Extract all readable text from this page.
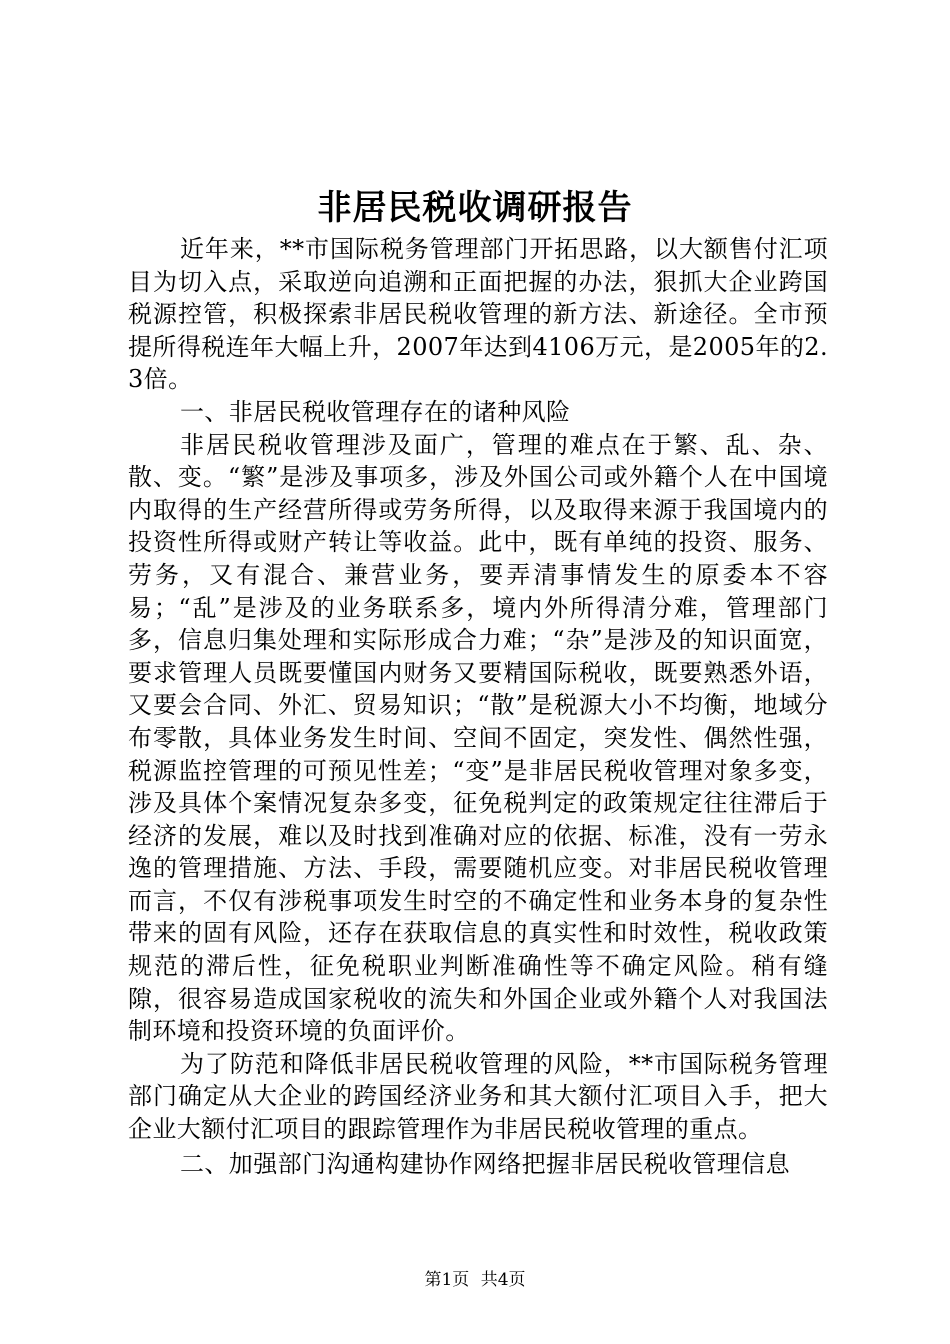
非居民税收调研报告

近年来，**市国际税务管理部门开拓思路，以大额售付汇项目为切入点，采取逆向追溯和正面把握的办法，狠抓大企业跨国税源控管，积极探索非居民税收管理的新方法、新途径。全市预提所得税连年大幅上升，2007年达到4106万元，是2005年的2.3倍。

一、非居民税收管理存在的诸种风险

非居民税收管理涉及面广，管理的难点在于繁、乱、杂、散、变。“繁”是涉及事项多，涉及外国公司或外籍个人在中国境内取得的生产经营所得或劳务所得，以及取得来源于我国境内的投资性所得或财产转让等收益。此中，既有单纯的投资、服务、劳务，又有混合、兼营业务，要弄清事情发生的原委本不容易；“乱”是涉及的业务联系多，境内外所得清分难，管理部门多，信息归集处理和实际形成合力难；“杂”是涉及的知识面宽，要求管理人员既要懂国内财务又要精国际税收，既要熟悉外语，又要会合同、外汇、贸易知识；“散”是税源大小不均衡，地域分布零散，具体业务发生时间、空间不固定，突发性、偶然性强，税源监控管理的可预见性差；“变”是非居民税收管理对象多变，涉及具体个案情况复杂多变，征免税判定的政策规定往往滞后于经济的发展，难以及时找到准确对应的依据、标准，没有一劳永逸的管理措施、方法、手段，需要随机应变。对非居民税收管理而言，不仅有涉税事项发生时空的不确定性和业务本身的复杂性带来的固有风险，还存在获取信息的真实性和时效性，税收政策规范的滞后性，征免税职业判断准确性等不确定风险。稍有缝隙，很容易造成国家税收的流失和外国企业或外籍个人对我国法制环境和投资环境的负面评价。

为了防范和降低非居民税收管理的风险，**市国际税务管理部门确定从大企业的跨国经济业务和其大额付汇项目入手，把大企业大额付汇项目的跟踪管理作为非居民税收管理的重点。

二、加强部门沟通构建协作网络把握非居民税收管理信息

第1页 共4页
